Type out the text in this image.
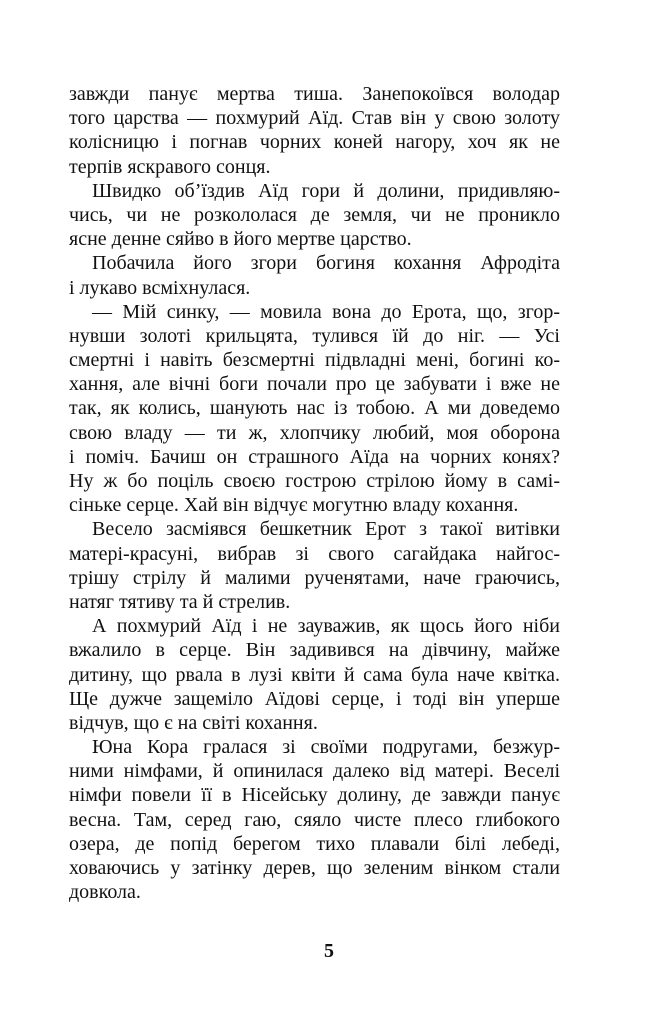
завжди панує мертва тиша. Занепокоївся володар
того царства — похмурий Аїд. Став він у свою золоту
колісницю і погнав чорних коней нагору, хоч як не
терпів яскравого сонця.

Швидко об’їздив Аїд гори й долини, придивляю-
чись, чи не розкололася де земля, чи не проникло
ясне денне сяйво в його мертве царство.

Побачила його згори богиня кохання Афродіта
і лукаво всміхнулася.

— Мій синку, — мовила вона до Ерота, що, згор-
нувши золоті крильцята, тулився їй до ніг. — Усі
смертні і навіть безсмертні підвладні мені, богині ко-
хання, але вічні боги почали про це забувати і вже не
так, як колись, шанують нас із тобою. А ми доведемо
свою владу — ти ж, хлопчику любий, моя оборона
і поміч. Бачиш он страшного Аїда на чорних конях?
Ну ж бо поціль своєю гострою стрілою йому в самі-
сіньке серце. Хай він відчує могутню владу кохання.

Весело засміявся бешкетник Ерот з такої витівки
матері-красуні, вибрав зі свого сагайдака найгос-
трішу стрілу й малими рученятами, наче граючись,
натяг тятиву та й стрелив.

А похмурий Аїд і не зауважив, як щось його ніби
вжалило в серце. Він задивився на дівчину, майже
дитину, що рвала в лузі квіти й сама була наче квітка.
Ще дужче защеміло Аїдові серце, і тоді він уперше
відчув, що є на світі кохання.

Юна Кора гралася зі своїми подругами, безжур-
ними німфами, й опинилася далеко від матері. Веселі
німфи повели її в Нісейську долину, де завжди панує
весна. Там, серед гаю, сяяло чисте плесо глибокого
озера, де попід берегом тихо плавали білі лебеді,
ховаючись у затінку дерев, що зеленим вінком стали
довкола.

5
